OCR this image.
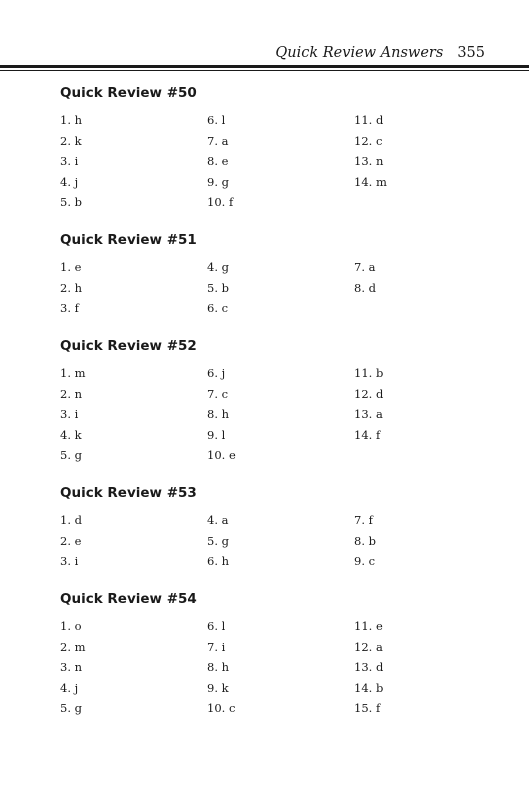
Quick Review Answers 355
Quick Review #50
1. h
2. k
3. i
4. j
5. b
6. l
7. a
8. e
9. g
10. f
11. d
12. c
13. n
14. m
Quick Review #51
1. e
2. h
3. f
4. g
5. b
6. c
7. a
8. d
Quick Review #52
1. m
2. n
3. i
4. k
5. g
6. j
7. c
8. h
9. l
10. e
11. b
12. d
13. a
14. f
Quick Review #53
1. d
2. e
3. i
4. a
5. g
6. h
7. f
8. b
9. c
Quick Review #54
1. o
2. m
3. n
4. j
5. g
6. l
7. i
8. h
9. k
10. c
11. e
12. a
13. d
14. b
15. f
